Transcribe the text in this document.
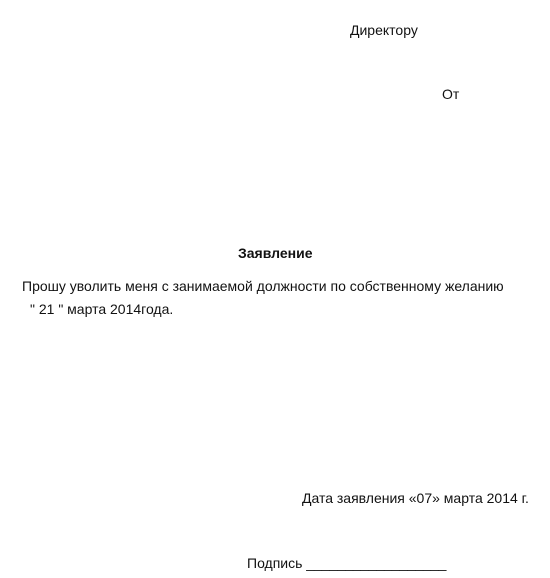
Директору
От
Заявление
Прошу уволить меня с занимаемой должности по собственному желанию
" 21 " марта 2014года.
Дата заявления «07» марта 2014 г.
Подпись __________________
